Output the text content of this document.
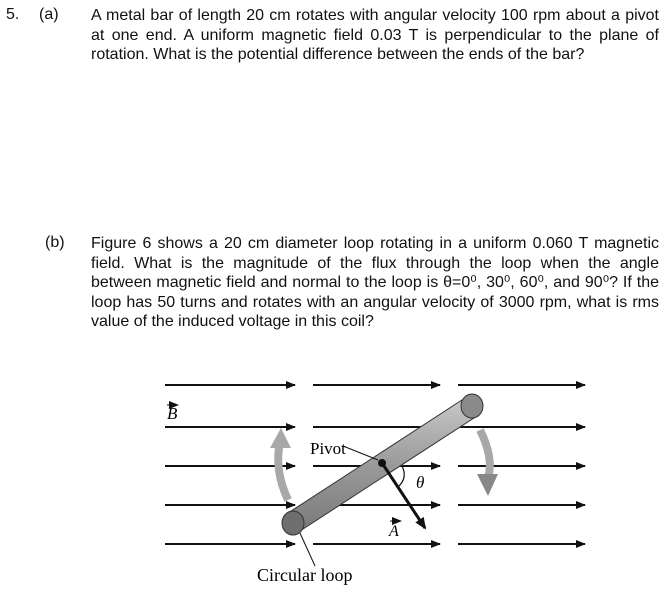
5. (a) A metal bar of length 20 cm rotates with angular velocity 100 rpm about a pivot at one end. A uniform magnetic field 0.03 T is perpendicular to the plane of rotation. What is the potential difference between the ends of the bar?

(b) Figure 6 shows a 20 cm diameter loop rotating in a uniform 0.060 T magnetic field. What is the magnitude of the flux through the loop when the angle between magnetic field and normal to the loop is θ=0⁰, 30⁰, 60⁰, and 90⁰? If the loop has 50 turns and rotates with an angular velocity of 3000 rpm, what is rms value of the induced voltage in this coil?

B
Pivot
θ
A
Circular loop
